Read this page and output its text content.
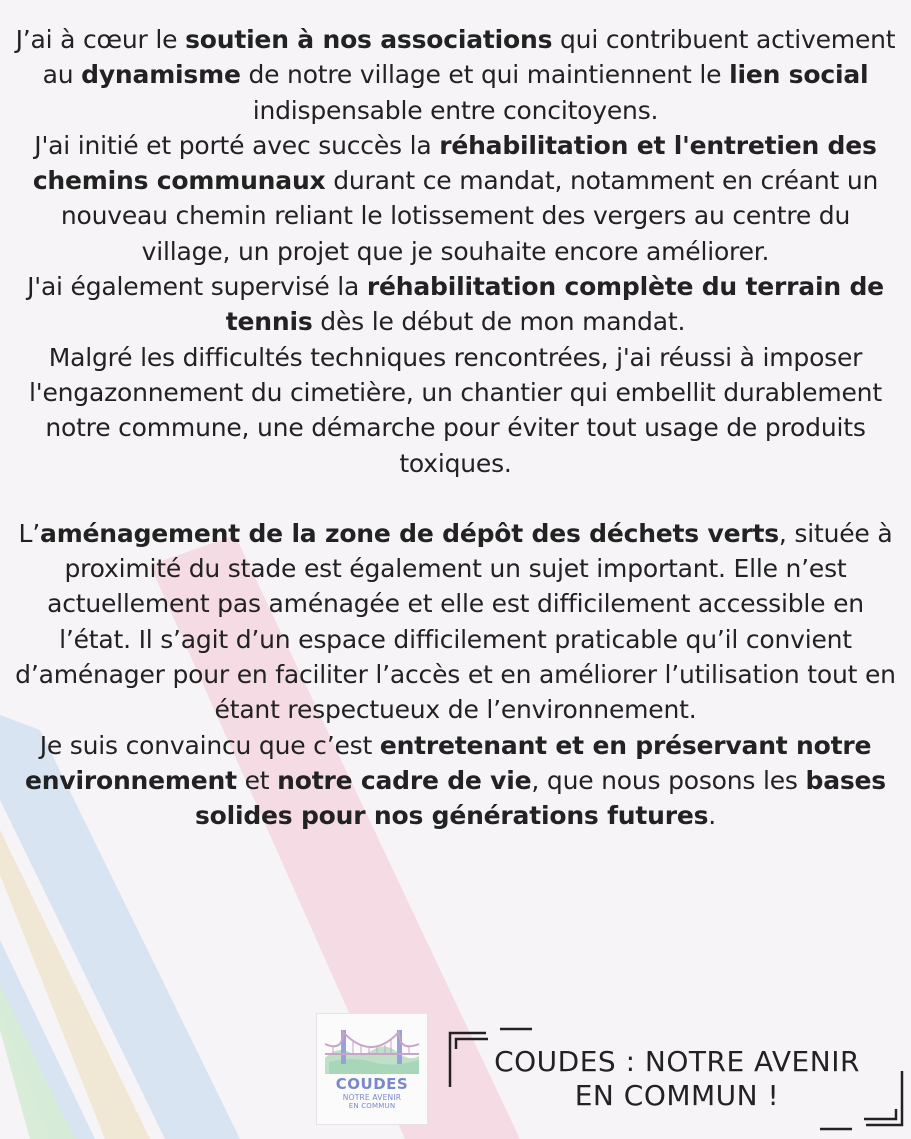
J’ai à cœur le soutien à nos associations qui contribuent activement au dynamisme de notre village et qui maintiennent le lien social indispensable entre concitoyens.

J'ai initié et porté avec succès la réhabilitation et l'entretien des chemins communaux durant ce mandat, notamment en créant un nouveau chemin reliant le lotissement des vergers au centre du village, un projet que je souhaite encore améliorer.

J'ai également supervisé la réhabilitation complète du terrain de tennis dès le début de mon mandat.

Malgré les difficultés techniques rencontrées, j'ai réussi à imposer l'engazonnement du cimetière, un chantier qui embellit durablement notre commune, une démarche pour éviter tout usage de produits toxiques.

L’aménagement de la zone de dépôt des déchets verts, située à proximité du stade est également un sujet important. Elle n’est actuellement pas aménagée et elle est difficilement accessible en l’état. Il s’agit d’un espace difficilement praticable qu’il convient d’aménager pour en faciliter l’accès et en améliorer l’utilisation tout en étant respectueux de l’environnement.

Je suis convaincu que c’est entretenant et en préservant notre environnement et notre cadre de vie, que nous posons les bases solides pour nos générations futures.

COUDES
NOTRE AVENIR
EN COMMUN
COUDES : NOTRE AVENIR
EN COMMUN !
